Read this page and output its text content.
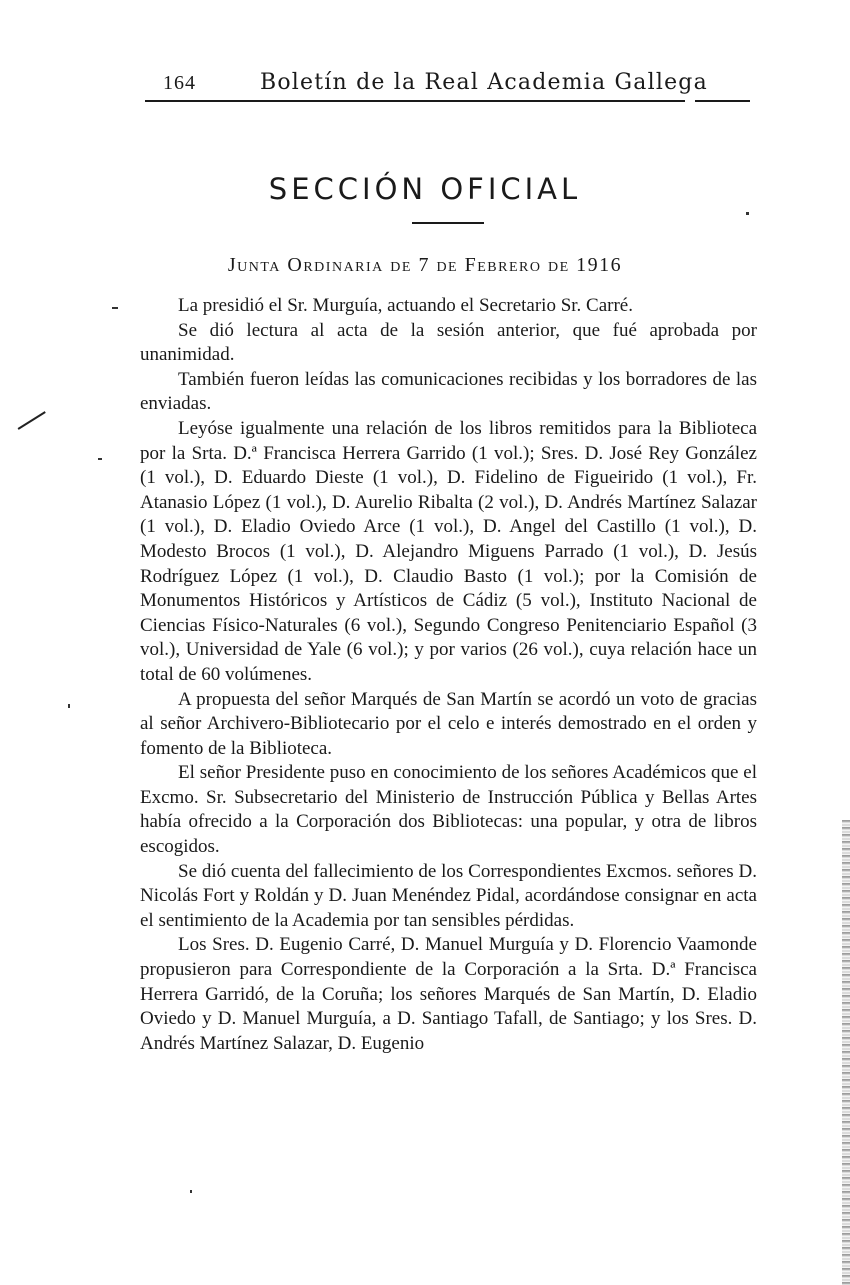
164	Boletín de la Real Academia Gallega
SECCIÓN OFICIAL
Junta Ordinaria de 7 de Febrero de 1916

La presidió el Sr. Murguía, actuando el Secretario Sr. Carré.

Se dió lectura al acta de la sesión anterior, que fué aprobada por unanimidad.

También fueron leídas las comunicaciones recibidas y los borradores de las enviadas.

Leyóse igualmente una relación de los libros remitidos para la Biblioteca por la Srta. D.ª Francisca Herrera Garrido (1 vol.); Sres. D. José Rey González (1 vol.), D. Eduardo Dieste (1 vol.), D. Fidelino de Figueirido (1 vol.), Fr. Atanasio López (1 vol.), D. Aurelio Ribalta (2 vol.), D. Andrés Martínez Salazar (1 vol.), D. Eladio Oviedo Arce (1 vol.), D. Angel del Castillo (1 vol.), D. Modesto Brocos (1 vol.), D. Alejandro Miguens Parrado (1 vol.), D. Jesús Rodríguez López (1 vol.), D. Claudio Basto (1 vol.); por la Comisión de Monumentos Históricos y Artísticos de Cádiz (5 vol.), Instituto Nacional de Ciencias Físico-Naturales (6 vol.), Segundo Congreso Penitenciario Español (3 vol.), Universidad de Yale (6 vol.); y por varios (26 vol.), cuya relación hace un total de 60 volúmenes.

A propuesta del señor Marqués de San Martín se acordó un voto de gracias al señor Archivero-Bibliotecario por el celo e interés demostrado en el orden y fomento de la Biblioteca.

El señor Presidente puso en conocimiento de los señores Académicos que el Excmo. Sr. Subsecretario del Ministerio de Instrucción Pública y Bellas Artes había ofrecido a la Corporación dos Bibliotecas: una popular, y otra de libros escogidos.

Se dió cuenta del fallecimiento de los Correspondientes Excmos. señores D. Nicolás Fort y Roldán y D. Juan Menéndez Pidal, acordándose consignar en acta el sentimiento de la Academia por tan sensibles pérdidas.

Los Sres. D. Eugenio Carré, D. Manuel Murguía y D. Florencio Vaamonde propusieron para Correspondiente de la Corporación a la Srta. D.ª Francisca Herrera Garridó, de la Coruña; los señores Marqués de San Martín, D. Eladio Oviedo y D. Manuel Murguía, a D. Santiago Tafall, de Santiago; y los Sres. D. Andrés Martínez Salazar, D. Eugenio
